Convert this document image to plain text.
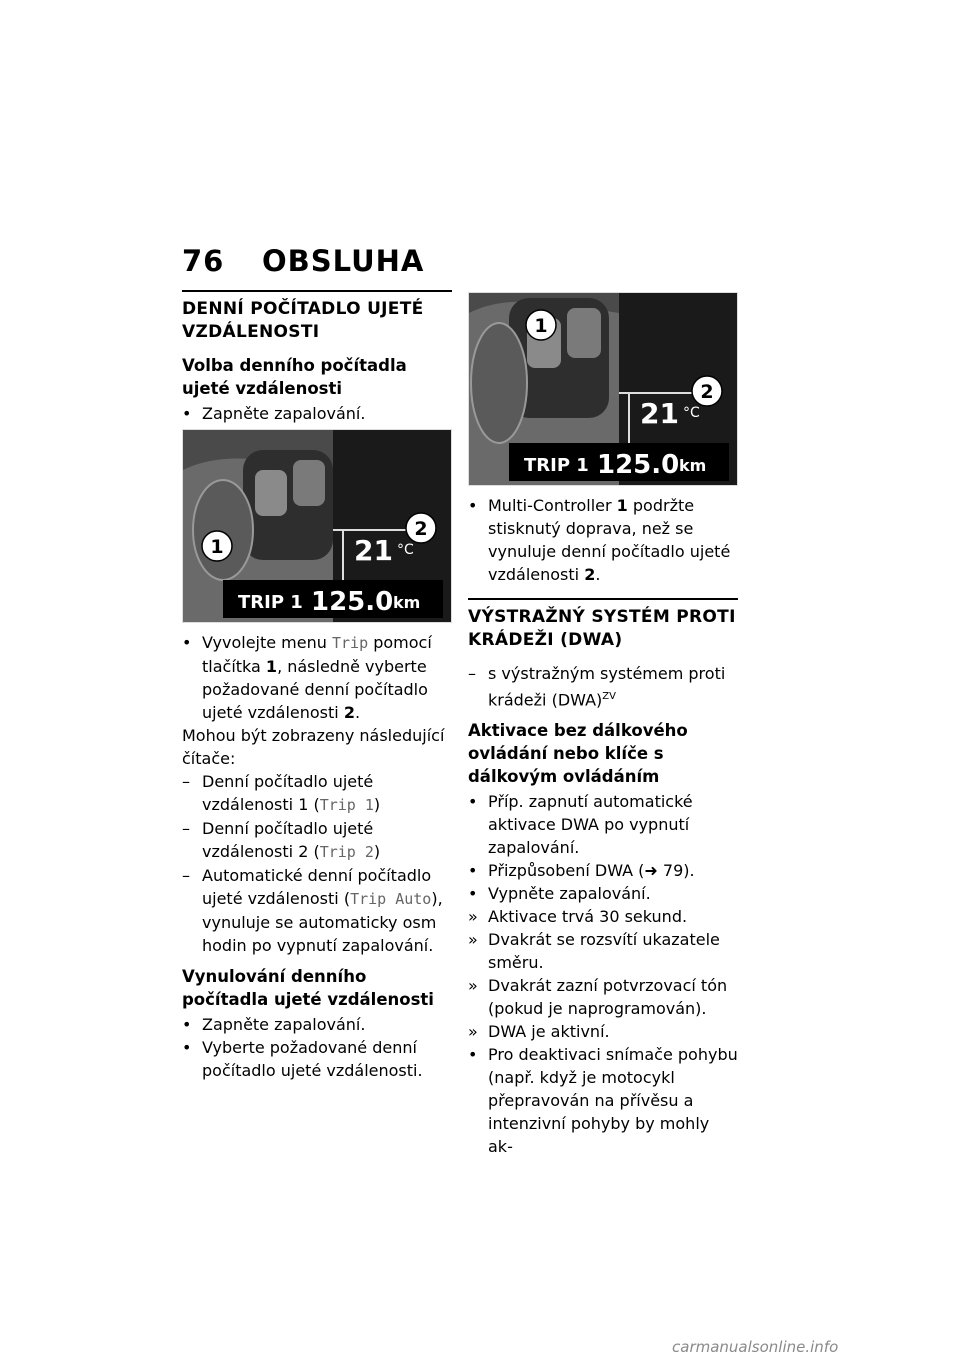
76 OBSLUHA
DENNÍ POČÍTADLO UJETÉ VZDÁLENOSTI
Volba denního počítadla ujeté vzdálenosti
• Zapněte zapalování.
21 °C
TRIP 1 125.0 km
1
2
• Vyvolejte menu Trip pomocí tlačítka 1, následně vyberte požadované denní počítadlo ujeté vzdálenosti 2.

Mohou být zobrazeny následující čítače:

– Denní počítadlo ujeté vzdálenosti 1 (Trip 1)
– Denní počítadlo ujeté vzdálenosti 2 (Trip 2)
– Automatické denní počítadlo ujeté vzdálenosti (Trip Auto), vynuluje se automaticky osm hodin po vypnutí zapalování.
Vynulování denního počítadla ujeté vzdálenosti
• Zapněte zapalování.
• Vyberte požadované denní počítadlo ujeté vzdálenosti.
21 °C
TRIP 1 125.0 km
1
2
• Multi-Controller 1 podržte stisknutý doprava, než se vynuluje denní počítadlo ujeté vzdálenosti 2.
VÝSTRAŽNÝ SYSTÉM PROTI KRÁDEŽI (DWA)
– s výstražným systémem proti krádeži (DWA)$^{ZV}$
Aktivace bez dálkového ovládání nebo klíče s dálkovým ovládáním
• Příp. zapnutí automatické aktivace DWA po vypnutí zapalování.
• Přizpůsobení DWA (➜ 79).
• Vypněte zapalování.
» Aktivace trvá 30 sekund.
» Dvakrát se rozsvítí ukazatele směru.
» Dvakrát zazní potvrzovací tón (pokud je naprogramován).
» DWA je aktivní.
• Pro deaktivaci snímače pohybu (např. když je motocykl přepravován na přívěsu a intenzivní pohyby by mohly ak-
carmanualsonline.info
